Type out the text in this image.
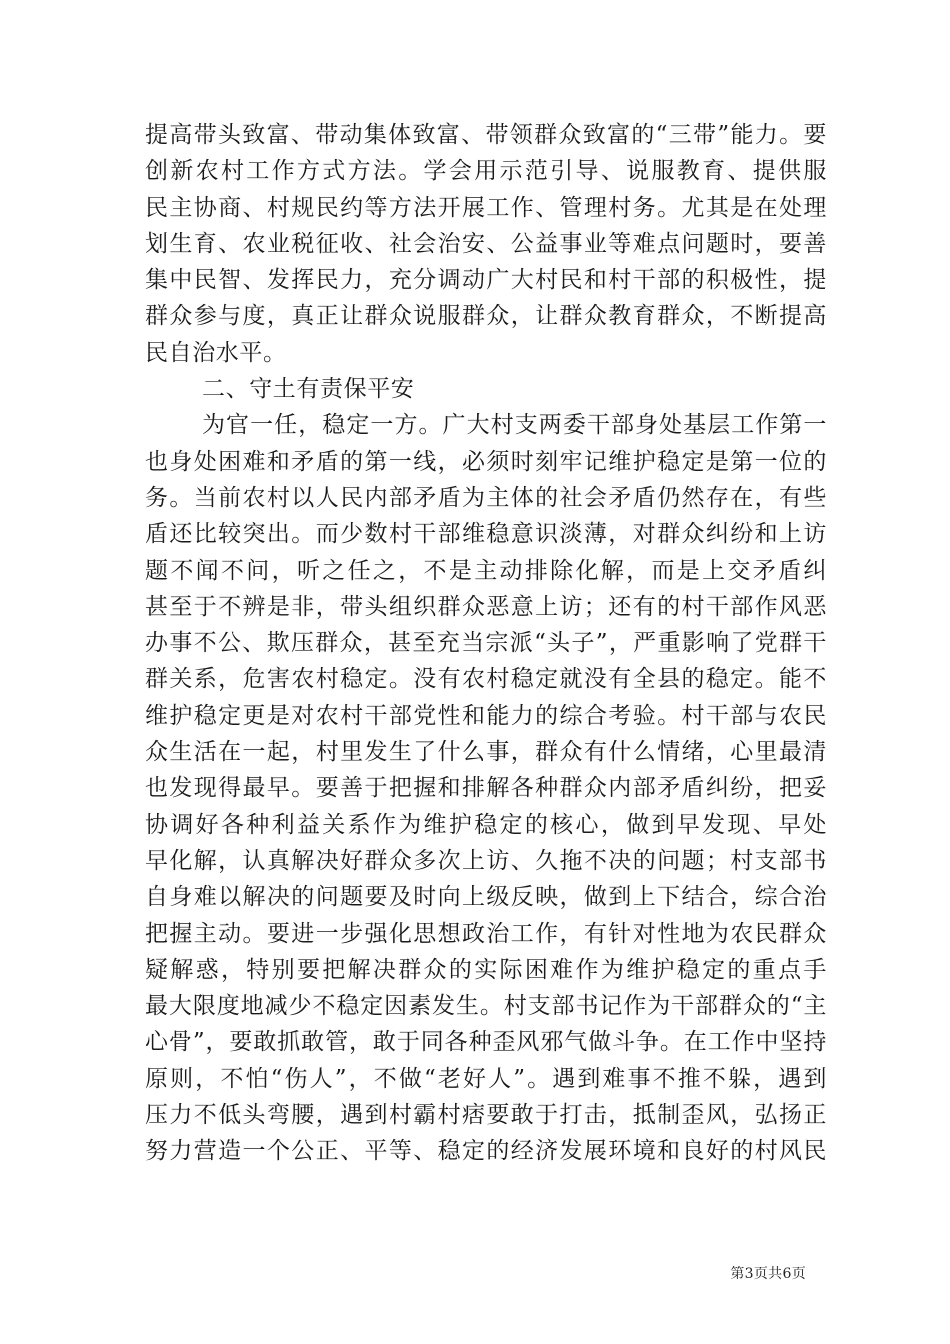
提高带头致富、带动集体致富、带领群众致富的“三带”能力。要
创新农村工作方式方法。学会用示范引导、说服教育、提供服
民主协商、村规民约等方法开展工作、管理村务。尤其是在处理
划生育、农业税征收、社会治安、公益事业等难点问题时，要善
集中民智、发挥民力，充分调动广大村民和村干部的积极性，提
群众参与度，真正让群众说服群众，让群众教育群众，不断提高
民自治水平。
二、守土有责保平安
为官一任，稳定一方。广大村支两委干部身处基层工作第一
也身处困难和矛盾的第一线，必须时刻牢记维护稳定是第一位的
务。当前农村以人民内部矛盾为主体的社会矛盾仍然存在，有些
盾还比较突出。而少数村干部维稳意识淡薄，对群众纠纷和上访
题不闻不问，听之任之，不是主动排除化解，而是上交矛盾纠
甚至于不辨是非，带头组织群众恶意上访；还有的村干部作风恶
办事不公、欺压群众，甚至充当宗派“头子”，严重影响了党群干
群关系，危害农村稳定。没有农村稳定就没有全县的稳定。能不
维护稳定更是对农村干部党性和能力的综合考验。村干部与农民
众生活在一起，村里发生了什么事，群众有什么情绪，心里最清
也发现得最早。要善于把握和排解各种群众内部矛盾纠纷，把妥
协调好各种利益关系作为维护稳定的核心，做到早发现、早处
早化解，认真解决好群众多次上访、久拖不决的问题；村支部书
自身难以解决的问题要及时向上级反映，做到上下结合，综合治
把握主动。要进一步强化思想政治工作，有针对性地为农民群众
疑解惑，特别要把解决群众的实际困难作为维护稳定的重点手
最大限度地减少不稳定因素发生。村支部书记作为干部群众的“主
心骨”，要敢抓敢管，敢于同各种歪风邪气做斗争。在工作中坚持
原则，不怕“伤人”，不做“老好人”。遇到难事不推不躲，遇到
压力不低头弯腰，遇到村霸村痞要敢于打击，抵制歪风，弘扬正
努力营造一个公正、平等、稳定的经济发展环境和良好的村风民
第3页共6页
